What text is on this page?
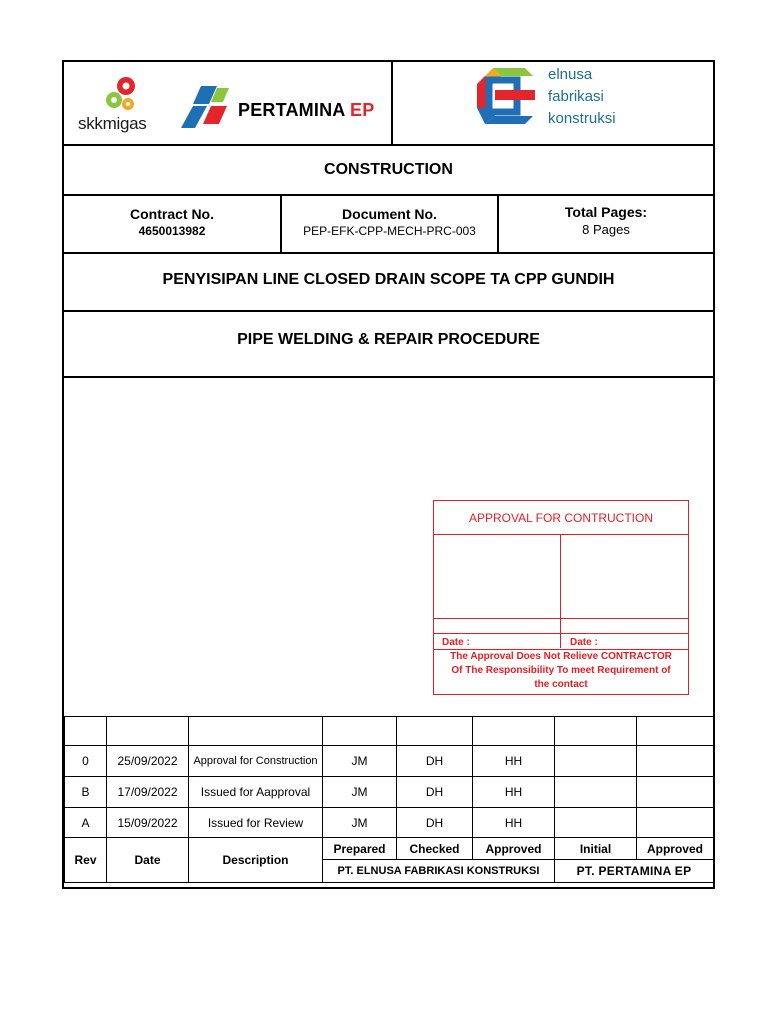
skkmigas
PERTAMINA EP
elnusa
fabrikasi
konstruksi
CONSTRUCTION
Contract No.
4650013982
Document No.
PEP-EFK-CPP-MECH-PRC-003
Total Pages:
8 Pages
PENYISIPAN LINE CLOSED DRAIN SCOPE TA CPP GUNDIH
PIPE WELDING & REPAIR PROCEDURE
APPROVAL FOR CONTRUCTION
Date :	Date :
The Approval Does Not Relieve CONTRACTOR
Of The Responsibility To meet Requirement of
the contact

0	25/09/2022	Approval for Construction	JM	DH	HH		
B	17/09/2022	Issued for Aapproval	JM	DH	HH		
A	15/09/2022	Issued for Review	JM	DH	HH		
Rev	Date	Description	Prepared	Checked	Approved	Initial	Approved
			PT. ELNUSA FABRIKASI KONSTRUKSI			PT. PERTAMINA EP	
